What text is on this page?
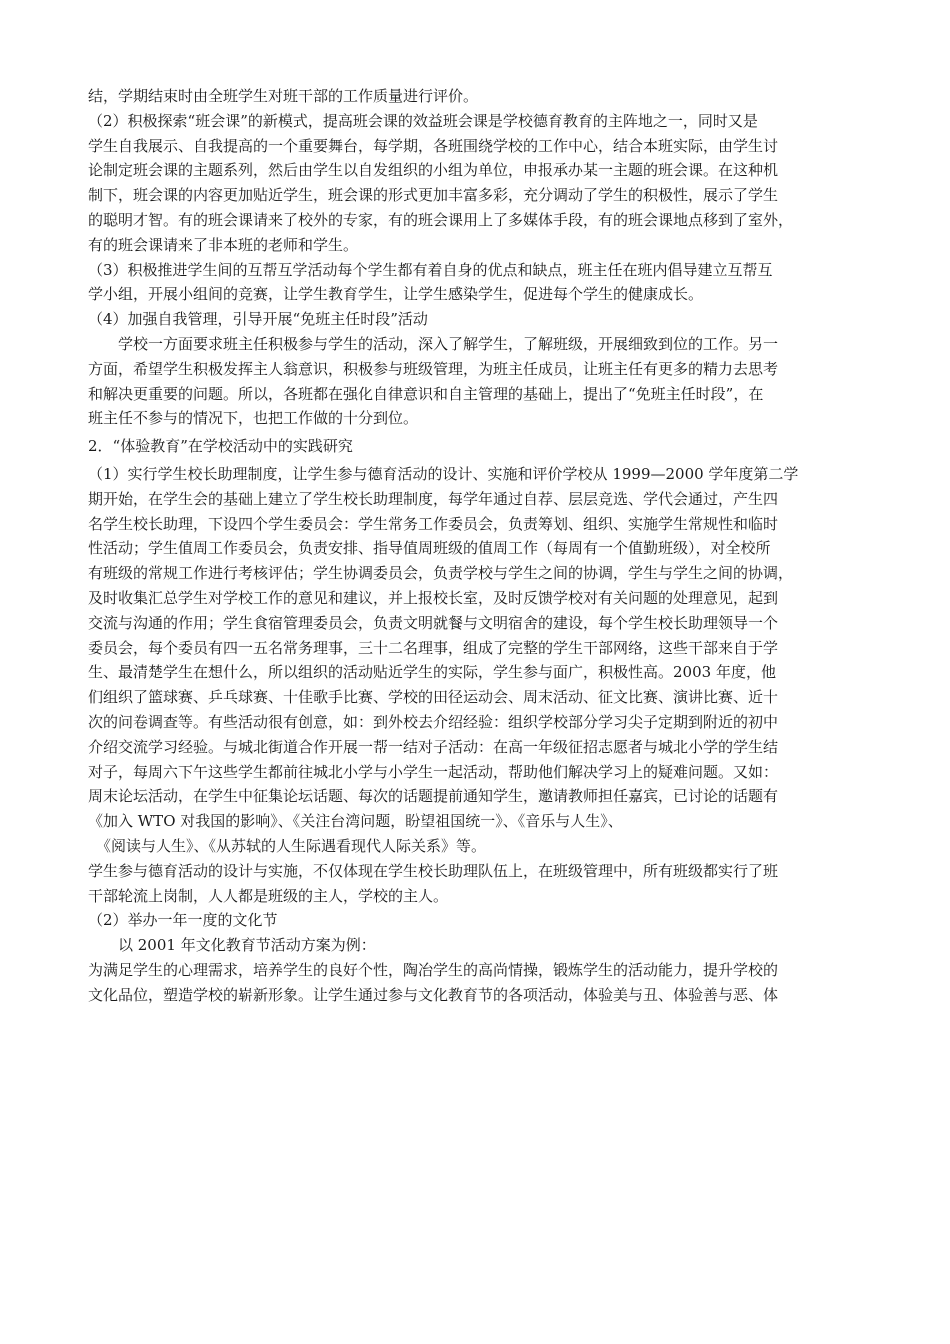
结，学期结束时由全班学生对班干部的工作质量进行评价。
（2）积极探索“班会课”的新模式，提高班会课的效益班会课是学校德育教育的主阵地之一，同时又是
学生自我展示、自我提高的一个重要舞台，每学期，各班围绕学校的工作中心，结合本班实际，由学生讨
论制定班会课的主题系列，然后由学生以自发组织的小组为单位，申报承办某一主题的班会课。在这种机
制下，班会课的内容更加贴近学生，班会课的形式更加丰富多彩，充分调动了学生的积极性，展示了学生
的聪明才智。有的班会课请来了校外的专家，有的班会课用上了多媒体手段，有的班会课地点移到了室外，
有的班会课请来了非本班的老师和学生。
（3）积极推进学生间的互帮互学活动每个学生都有着自身的优点和缺点，班主任在班内倡导建立互帮互
学小组，开展小组间的竞赛，让学生教育学生，让学生感染学生，促进每个学生的健康成长。
（4）加强自我管理，引导开展“免班主任时段”活动
学校一方面要求班主任积极参与学生的活动，深入了解学生，了解班级，开展细致到位的工作。另一
方面，希望学生积极发挥主人翁意识，积极参与班级管理，为班主任成员，让班主任有更多的精力去思考
和解决更重要的问题。所以，各班都在强化自律意识和自主管理的基础上，提出了“免班主任时段”，在
班主任不参与的情况下，也把工作做的十分到位。
2．“体验教育”在学校活动中的实践研究
（1）实行学生校长助理制度，让学生参与德育活动的设计、实施和评价学校从 1999—2000 学年度第二学
期开始，在学生会的基础上建立了学生校长助理制度，每学年通过自荐、层层竞选、学代会通过，产生四
名学生校长助理，下设四个学生委员会：学生常务工作委员会，负责筹划、组织、实施学生常规性和临时
性活动；学生值周工作委员会，负责安排、指导值周班级的值周工作（每周有一个值勤班级），对全校所
有班级的常规工作进行考核评估；学生协调委员会，负责学校与学生之间的协调，学生与学生之间的协调，
及时收集汇总学生对学校工作的意见和建议，并上报校长室，及时反馈学校对有关问题的处理意见，起到
交流与沟通的作用；学生食宿管理委员会，负责文明就餐与文明宿舍的建设，每个学生校长助理领导一个
委员会，每个委员有四一五名常务理事，三十二名理事，组成了完整的学生干部网络，这些干部来自于学
生、最清楚学生在想什么，所以组织的活动贴近学生的实际，学生参与面广，积极性高。2003 年度，他
们组织了篮球赛、乒乓球赛、十佳歌手比赛、学校的田径运动会、周末活动、征文比赛、演讲比赛、近十
次的问卷调查等。有些活动很有创意，如：到外校去介绍经验：组织学校部分学习尖子定期到附近的初中
介绍交流学习经验。与城北街道合作开展一帮一结对子活动：在高一年级征招志愿者与城北小学的学生结
对子，每周六下午这些学生都前往城北小学与小学生一起活动，帮助他们解决学习上的疑难问题。又如：
周末论坛活动，在学生中征集论坛话题、每次的话题提前通知学生，邀请教师担任嘉宾，已讨论的话题有
《加入 WTO 对我国的影响》、《关注台湾问题，盼望祖国统一》、《音乐与人生》、
《阅读与人生》、《从苏轼的人生际遇看现代人际关系》等。
学生参与德育活动的设计与实施，不仅体现在学生校长助理队伍上，在班级管理中，所有班级都实行了班
干部轮流上岗制，人人都是班级的主人，学校的主人。
（2）举办一年一度的文化节
以 2001 年文化教育节活动方案为例：
为满足学生的心理需求，培养学生的良好个性，陶冶学生的高尚情操，锻炼学生的活动能力，提升学校的
文化品位，塑造学校的崭新形象。让学生通过参与文化教育节的各项活动，体验美与丑、体验善与恶、体
